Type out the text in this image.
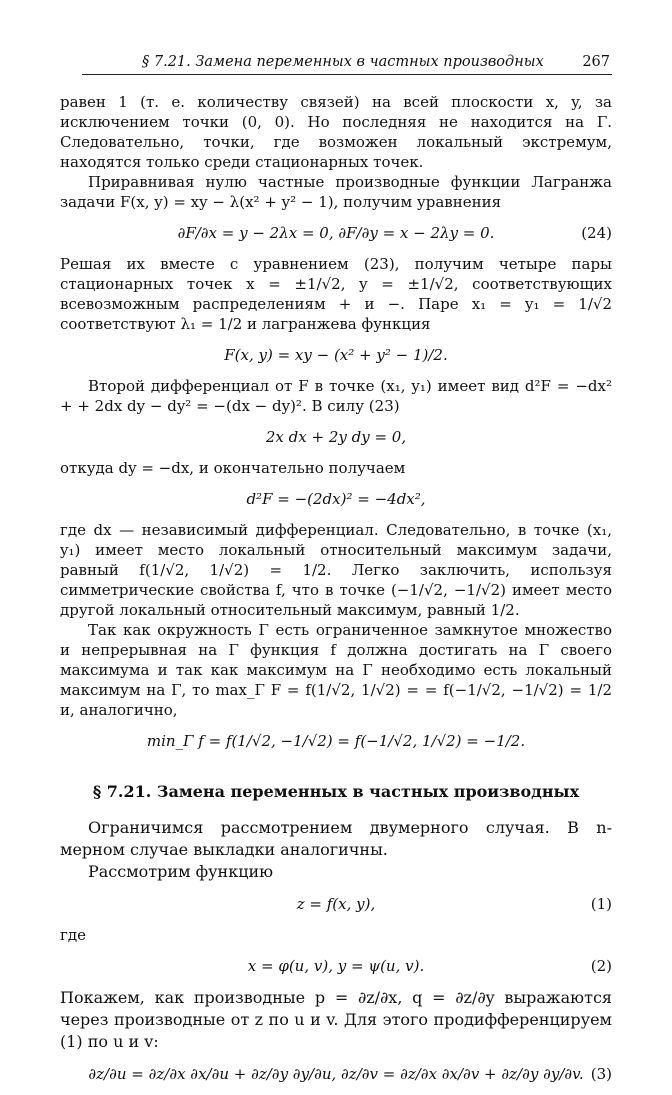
§ 7.21. Замена переменных в частных производных	267

равен 1 (т. е. количеству связей) на всей плоскости x, y, за исключением точки (0, 0). Но последняя не находится на Γ. Следовательно, точки, где возможен локальный экстремум, находятся только среди стационарных точек.

Приравнивая нулю частные производные функции Лагранжа задачи F(x, y) = xy − λ(x² + y² − 1), получим уравнения

∂F/∂x = y − 2λx = 0, ∂F/∂y = x − 2λy = 0.	(24)

Решая их вместе с уравнением (23), получим четыре пары стационарных точек x = ±1/√2, y = ±1/√2, соответствующих всевозможным распределениям + и −. Паре x₁ = y₁ = 1/√2 соответствуют λ₁ = 1/2 и лагранжева функция

F(x, y) = xy − (x² + y² − 1)/2.

Второй дифференциал от F в точке (x₁, y₁) имеет вид d²F = −dx² + + 2dx dy − dy² = −(dx − dy)². В силу (23)

2x dx + 2y dy = 0,

откуда dy = −dx, и окончательно получаем

d²F = −(2dx)² = −4dx²,

где dx — независимый дифференциал. Следовательно, в точке (x₁, y₁) имеет место локальный относительный максимум задачи, равный f(1/√2, 1/√2) = 1/2. Легко заключить, используя симметрические свойства f, что в точке (−1/√2, −1/√2) имеет место другой локальный относительный максимум, равный 1/2.

Так как окружность Γ есть ограниченное замкнутое множество и непрерывная на Γ функция f должна достигать на Γ своего максимума и так как максимум на Γ необходимо есть локальный максимум на Γ, то max_Γ F = f(1/√2, 1/√2) = = f(−1/√2, −1/√2) = 1/2 и, аналогично,

min_Γ f = f(1/√2, −1/√2) = f(−1/√2, 1/√2) = −1/2.
§ 7.21. Замена переменных в частных производных

Ограничимся рассмотрением двумерного случая. В n-мерном случае выкладки аналогичны.

Рассмотрим функцию

z = f(x, y),	(1)

где

x = φ(u, v), y = ψ(u, v).	(2)

Покажем, как производные p = ∂z/∂x, q = ∂z/∂y выражаются через производные от z по u и v. Для этого продифференцируем (1) по u и v:

∂z/∂u = ∂z/∂x ∂x/∂u + ∂z/∂y ∂y/∂u, ∂z/∂v = ∂z/∂x ∂x/∂v + ∂z/∂y ∂y/∂v. (3)
